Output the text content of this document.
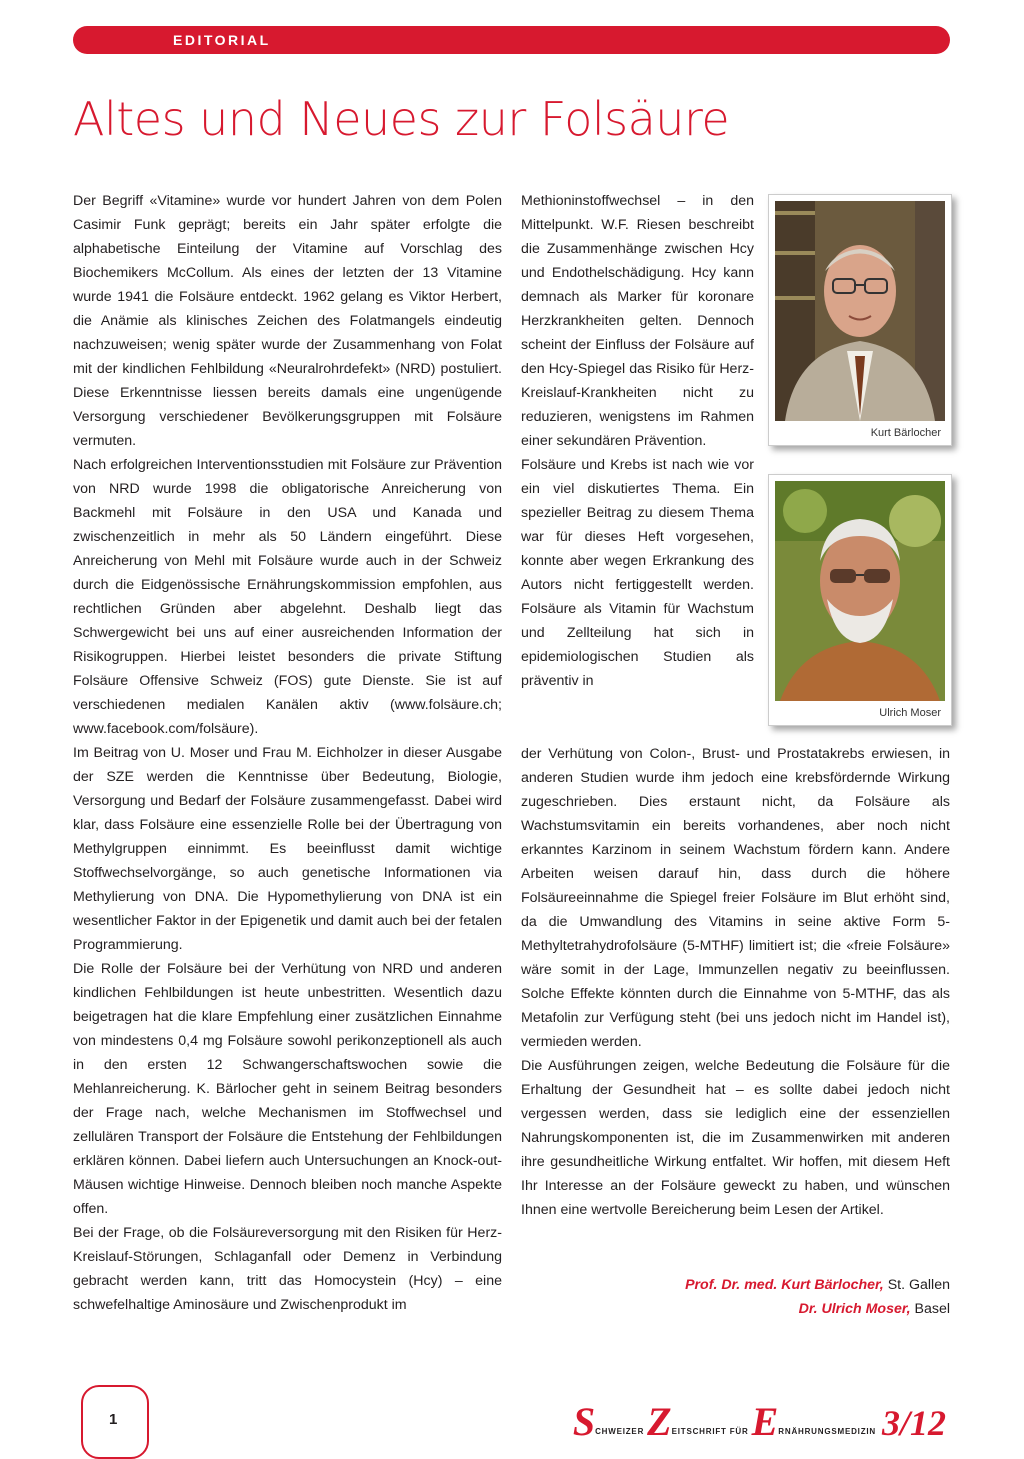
EDITORIAL
Altes und Neues zur Folsäure

Der Begriff «Vitamine» wurde vor hundert Jahren von dem Polen Casimir Funk geprägt; bereits ein Jahr später erfolgte die alphabetische Einteilung der Vitamine auf Vorschlag des Biochemikers McCollum. Als eines der letzten der 13 Vitamine wurde 1941 die Folsäure entdeckt. 1962 gelang es Viktor Herbert, die Anämie als klinisches Zeichen des Folatmangels eindeutig nachzuweisen; wenig später wurde der Zusammenhang von Folat mit der kindlichen Fehlbildung «Neuralrohrdefekt» (NRD) postuliert. Diese Erkenntnisse liessen bereits damals eine ungenügende Versorgung verschiedener Bevölkerungsgruppen mit Folsäure vermuten.

Nach erfolgreichen Interventionsstudien mit Folsäure zur Prävention von NRD wurde 1998 die obligatorische Anreicherung von Backmehl mit Folsäure in den USA und Kanada und zwischenzeitlich in mehr als 50 Ländern eingeführt. Diese Anreicherung von Mehl mit Folsäure wurde auch in der Schweiz durch die Eidgenössische Ernährungskommission empfohlen, aus rechtlichen Gründen aber abgelehnt. Deshalb liegt das Schwergewicht bei uns auf einer ausreichenden Information der Risikogruppen. Hierbei leistet besonders die private Stiftung Folsäure Offensive Schweiz (FOS) gute Dienste. Sie ist auf verschiedenen medialen Kanälen aktiv (www.folsäure.ch; www.facebook.com/folsäure).

Im Beitrag von U. Moser und Frau M. Eichholzer in dieser Ausgabe der SZE werden die Kenntnisse über Bedeutung, Biologie, Versorgung und Bedarf der Folsäure zusammengefasst. Dabei wird klar, dass Folsäure eine essenzielle Rolle bei der Übertragung von Methylgruppen einnimmt. Es beeinflusst damit wichtige Stoffwechselvorgänge, so auch genetische Informationen via Methylierung von DNA. Die Hypomethylierung von DNA ist ein wesentlicher Faktor in der Epigenetik und damit auch bei der fetalen Programmierung.

Die Rolle der Folsäure bei der Verhütung von NRD und anderen kindlichen Fehlbildungen ist heute unbestritten. Wesentlich dazu beigetragen hat die klare Empfehlung einer zusätzlichen Einnahme von mindestens 0,4 mg Folsäure sowohl perikonzeptionell als auch in den ersten 12 Schwangerschaftswochen sowie die Mehlanreicherung. K. Bärlocher geht in seinem Beitrag besonders der Frage nach, welche Mechanismen im Stoffwechsel und zellulären Transport der Folsäure die Entstehung der Fehlbildungen erklären können. Dabei liefern auch Untersuchungen an Knock-out-Mäusen wichtige Hinweise. Dennoch bleiben noch manche Aspekte offen.

Bei der Frage, ob die Folsäureversorgung mit den Risiken für Herz-Kreislauf-Störungen, Schlaganfall oder Demenz in Verbindung gebracht werden kann, tritt das Homocystein (Hcy) – eine schwefelhaltige Aminosäure und Zwischenprodukt im

Methioninstoffwechsel – in den Mittelpunkt. W.F. Riesen beschreibt die Zusammenhänge zwischen Hcy und Endothelschädigung. Hcy kann demnach als Marker für koronare Herzkrankheiten gelten. Dennoch scheint der Einfluss der Folsäure auf den Hcy-Spiegel das Risiko für Herz-Kreislauf-Krankheiten nicht zu reduzieren, wenigstens im Rahmen einer sekundären Prävention.

Folsäure und Krebs ist nach wie vor ein viel diskutiertes Thema. Ein spezieller Beitrag zu diesem Thema war für dieses Heft vorgesehen, konnte aber wegen Erkrankung des Autors nicht fertiggestellt werden. Folsäure als Vitamin für Wachstum und Zellteilung hat sich in epidemiologischen Studien als präventiv in

Kurt Bärlocher
Ulrich Moser

der Verhütung von Colon-, Brust- und Prostatakrebs erwiesen, in anderen Studien wurde ihm jedoch eine krebsfördernde Wirkung zugeschrieben. Dies erstaunt nicht, da Folsäure als Wachstumsvitamin ein bereits vorhandenes, aber noch nicht erkanntes Karzinom in seinem Wachstum fördern kann. Andere Arbeiten weisen darauf hin, dass durch die höhere Folsäureeinnahme die Spiegel freier Folsäure im Blut erhöht sind, da die Umwandlung des Vitamins in seine aktive Form 5-Methyltetrahydrofolsäure (5-MTHF) limitiert ist; die «freie Folsäure» wäre somit in der Lage, Immunzellen negativ zu beeinflussen. Solche Effekte könnten durch die Einnahme von 5-MTHF, das als Metafolin zur Verfügung steht (bei uns jedoch nicht im Handel ist), vermieden werden.

Die Ausführungen zeigen, welche Bedeutung die Folsäure für die Erhaltung der Gesundheit hat – es sollte dabei jedoch nicht vergessen werden, dass sie lediglich eine der essenziellen Nahrungskomponenten ist, die im Zusammenwirken mit anderen ihre gesundheitliche Wirkung entfaltet. Wir hoffen, mit diesem Heft Ihr Interesse an der Folsäure geweckt zu haben, und wünschen Ihnen eine wertvolle Bereicherung beim Lesen der Artikel.

Prof. Dr. med. Kurt Bärlocher, St. Gallen
Dr. Ulrich Moser, Basel
1	SCHWEIZER ZEITSCHRIFT FÜR ERNÄHRUNGSMEDIZIN 3/12
